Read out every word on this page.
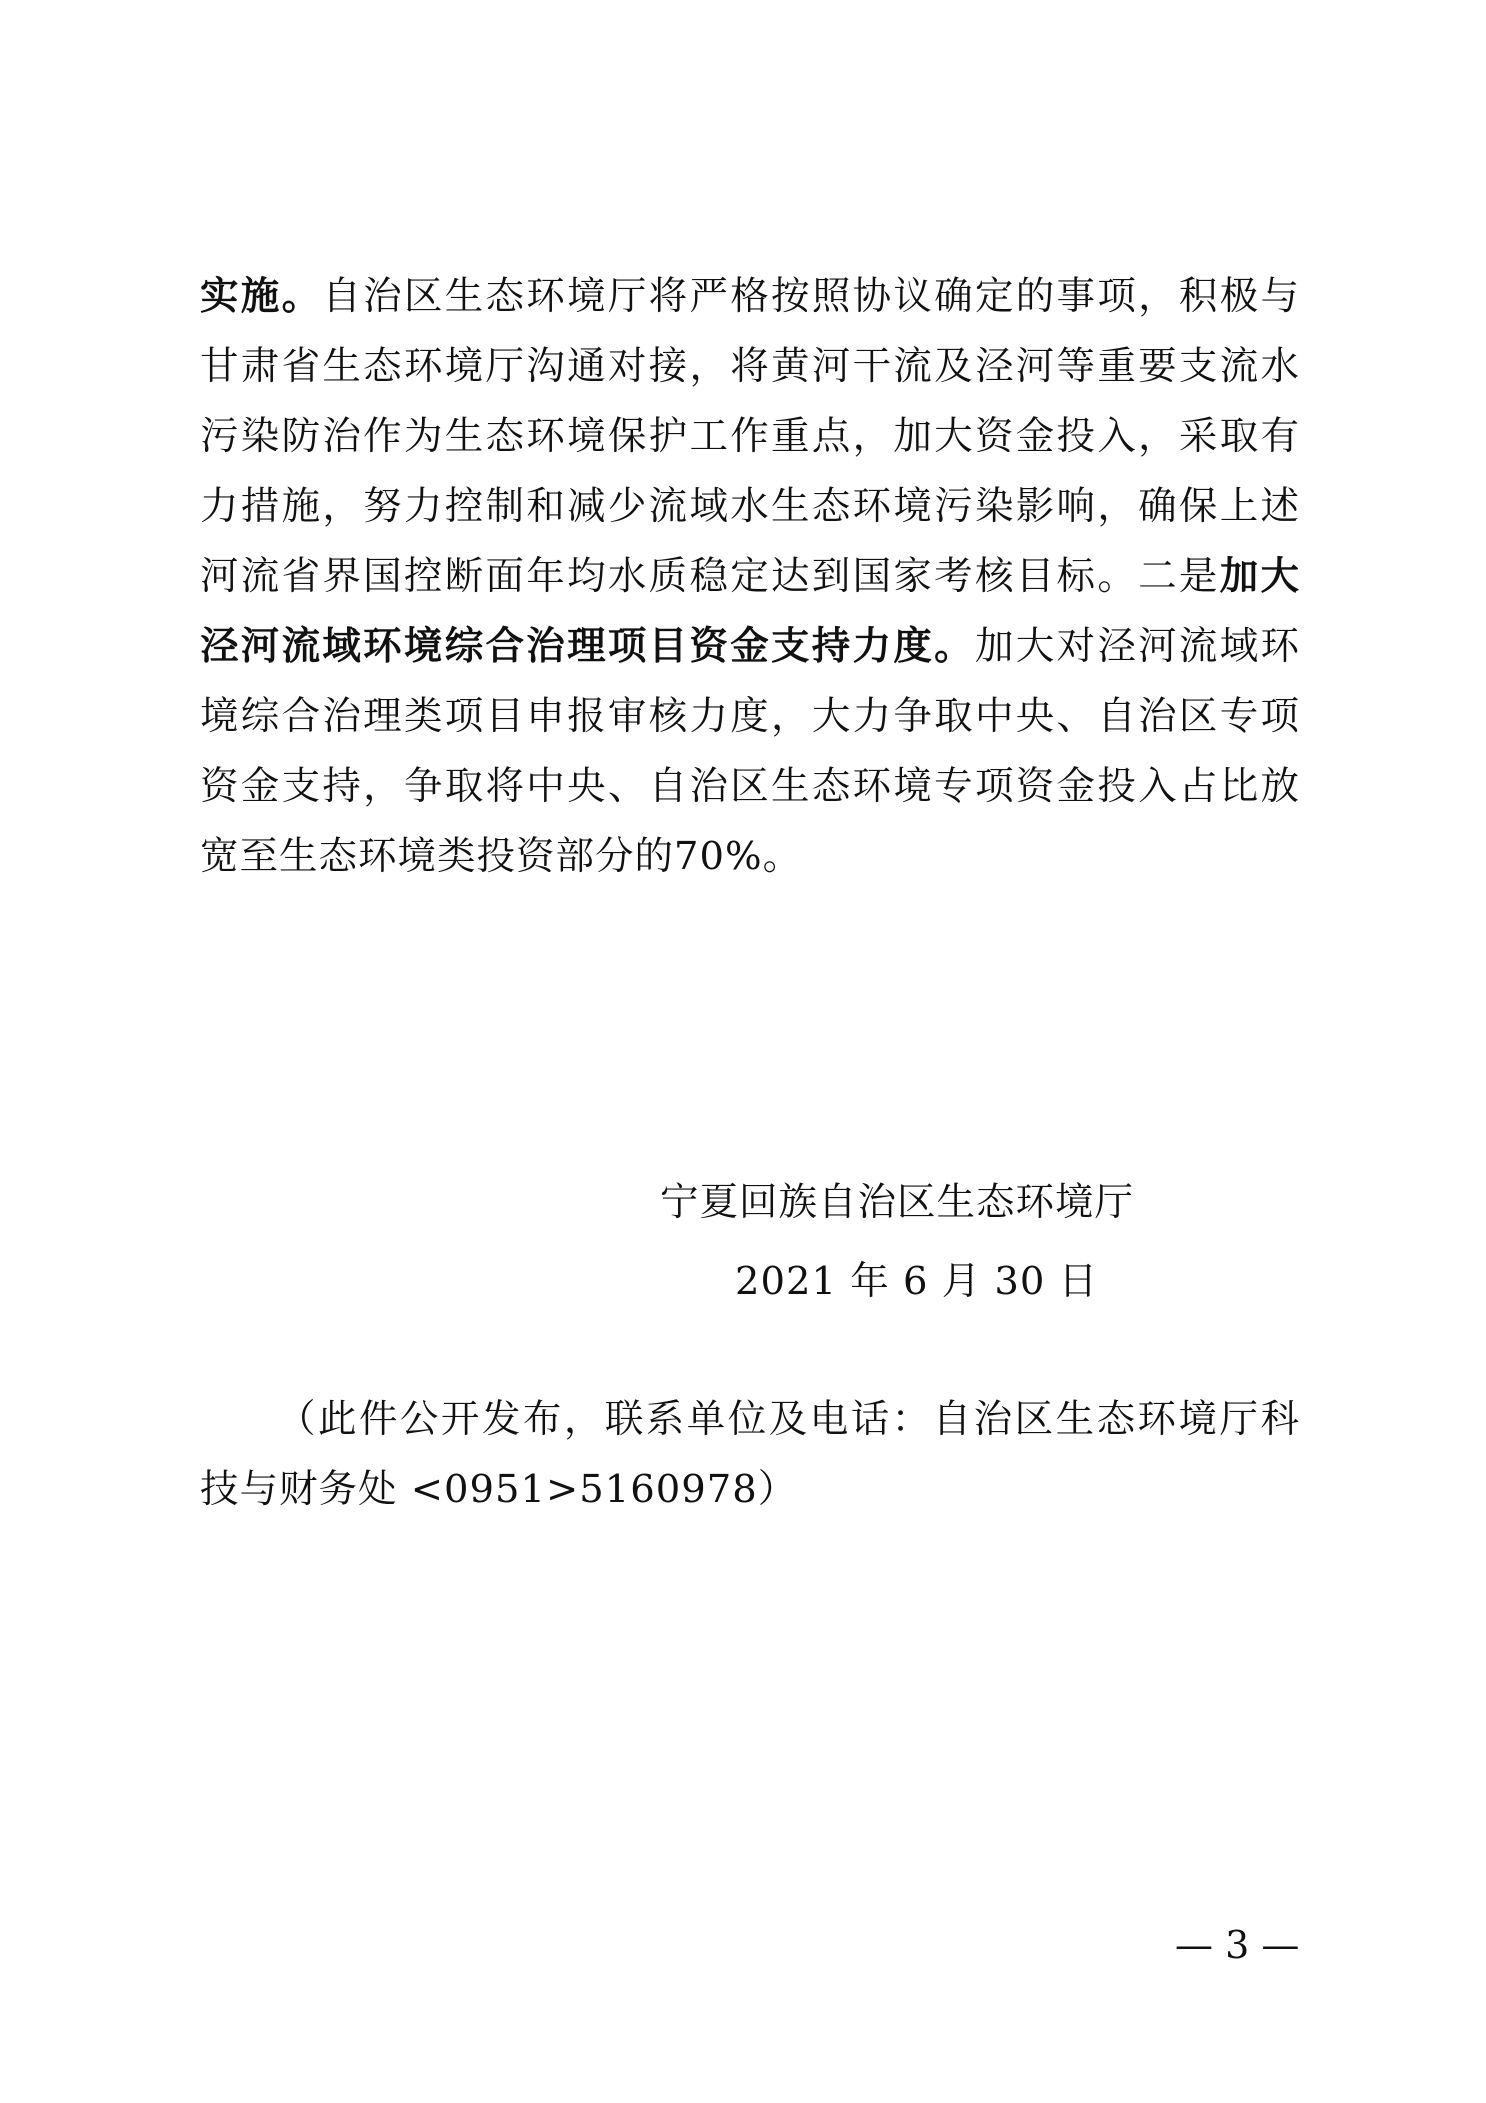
实施。自治区生态环境厅将严格按照协议确定的事项，积极与甘肃省生态环境厅沟通对接，将黄河干流及泾河等重要支流水污染防治作为生态环境保护工作重点，加大资金投入，采取有力措施，努力控制和减少流域水生态环境污染影响，确保上述河流省界国控断面年均水质稳定达到国家考核目标。二是加大泾河流域环境综合治理项目资金支持力度。加大对泾河流域环境综合治理类项目申报审核力度，大力争取中央、自治区专项资金支持，争取将中央、自治区生态环境专项资金投入占比放宽至生态环境类投资部分的70%。

宁夏回族自治区生态环境厅
2021 年 6 月 30 日

（此件公开发布，联系单位及电话：自治区生态环境厅科技与财务处 <0951>5160978）

— 3 —
